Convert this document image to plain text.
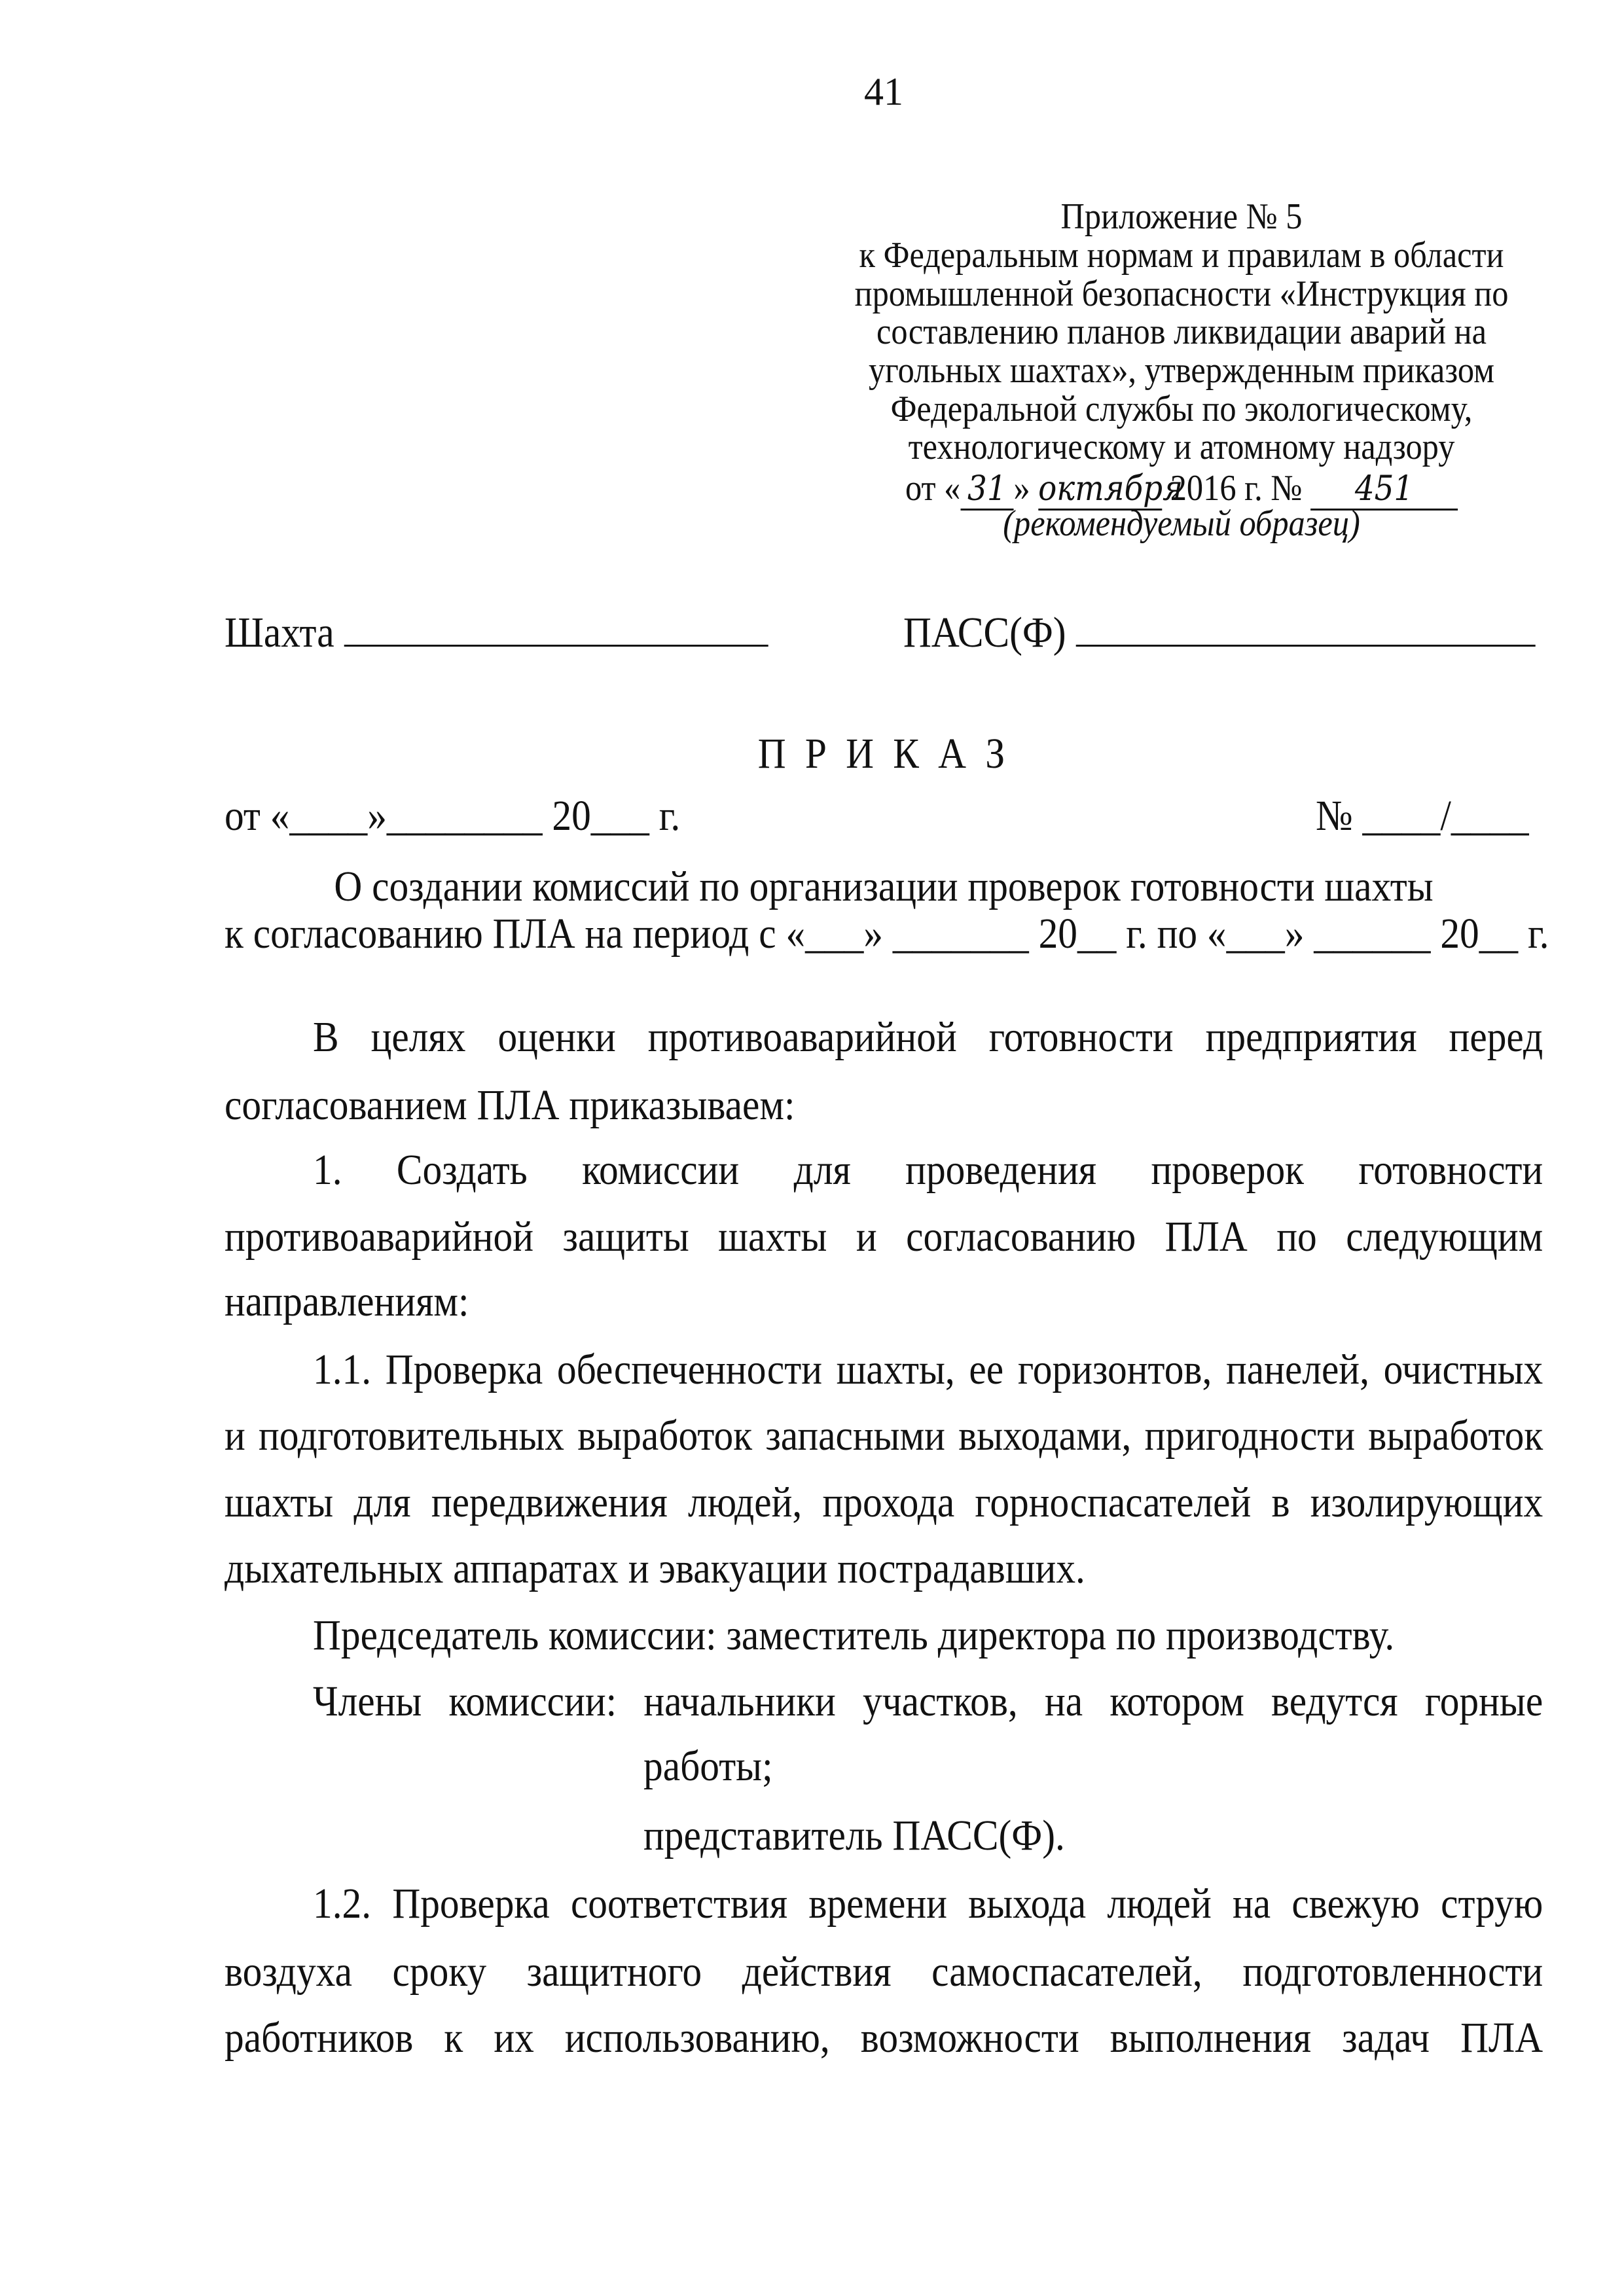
41
Приложение № 5
к Федеральным нормам и правилам в области
промышленной безопасности «Инструкция по
составлению планов ликвидации аварий на
угольных шахтах», утвержденным приказом
Федеральной службы по экологическому,
технологическому и атомному надзору
от « 31 » октября 2016 г. № 451
(рекомендуемый образец)
Шахта	ПАСС(Ф)
П Р И К А З
от «____»________ 20___ г.	№ ____/____
О создании комиссий по организации проверок готовности шахты
к согласованию ПЛА на период с «___» _______ 20__ г. по «___» ______ 20__ г.
В целях оценки противоаварийной готовности предприятия перед
согласованием ПЛА приказываем:
1. Создать комиссии для проведения проверок готовности
противоаварийной защиты шахты и согласованию ПЛА по следующим
направлениям:
1.1. Проверка обеспеченности шахты, ее горизонтов, панелей, очистных
и подготовительных выработок запасными выходами, пригодности выработок
шахты для передвижения людей, прохода горноспасателей в изолирующих
дыхательных аппаратах и эвакуации пострадавших.
Председатель комиссии: заместитель директора по производству.
Члены комиссии: начальники участков, на котором ведутся горные
работы;
представитель ПАСС(Ф).
1.2. Проверка соответствия времени выхода людей на свежую струю
воздуха сроку защитного действия самоспасателей, подготовленности
работников к их использованию, возможности выполнения задач ПЛА
